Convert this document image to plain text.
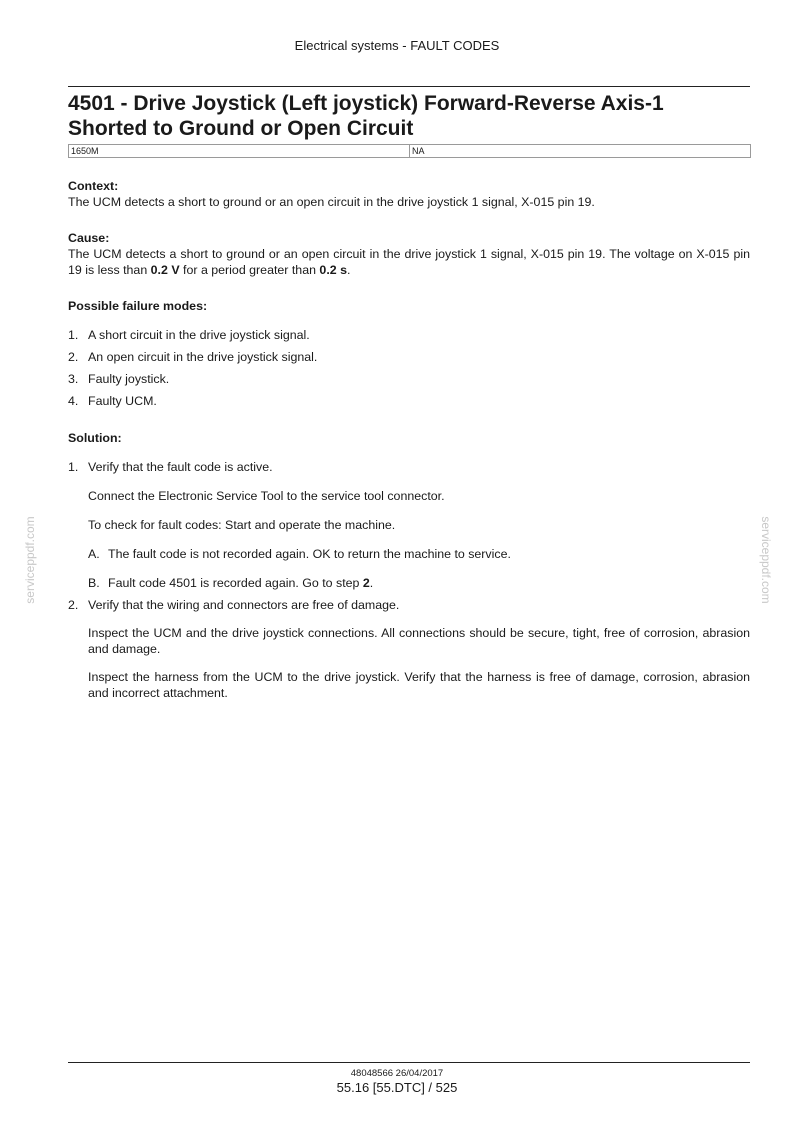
Electrical systems - FAULT CODES
4501 - Drive Joystick (Left joystick) Forward-Reverse Axis-1
Shorted to Ground or Open Circuit
1650M	NA

Context:

The UCM detects a short to ground or an open circuit in the drive joystick 1 signal, X-015 pin 19.

Cause:

The UCM detects a short to ground or an open circuit in the drive joystick 1 signal, X-015 pin 19. The voltage on X-015 pin 19 is less than 0.2 V for a period greater than 0.2 s.

Possible failure modes:

1. A short circuit in the drive joystick signal.
2. An open circuit in the drive joystick signal.
3. Faulty joystick.
4. Faulty UCM.

Solution:

1. Verify that the fault code is active.

Connect the Electronic Service Tool to the service tool connector.

To check for fault codes: Start and operate the machine.

A. The fault code is not recorded again. OK to return the machine to service.
B. Fault code 4501 is recorded again. Go to step 2.
2. Verify that the wiring and connectors are free of damage.

Inspect the UCM and the drive joystick connections. All connections should be secure, tight, free of corrosion, abrasion and damage.

Inspect the harness from the UCM to the drive joystick. Verify that the harness is free of damage, corrosion, abrasion and incorrect attachment.

serviceppdf.com	serviceppdf.com
48048566 26/04/2017
55.16 [55.DTC] / 525
